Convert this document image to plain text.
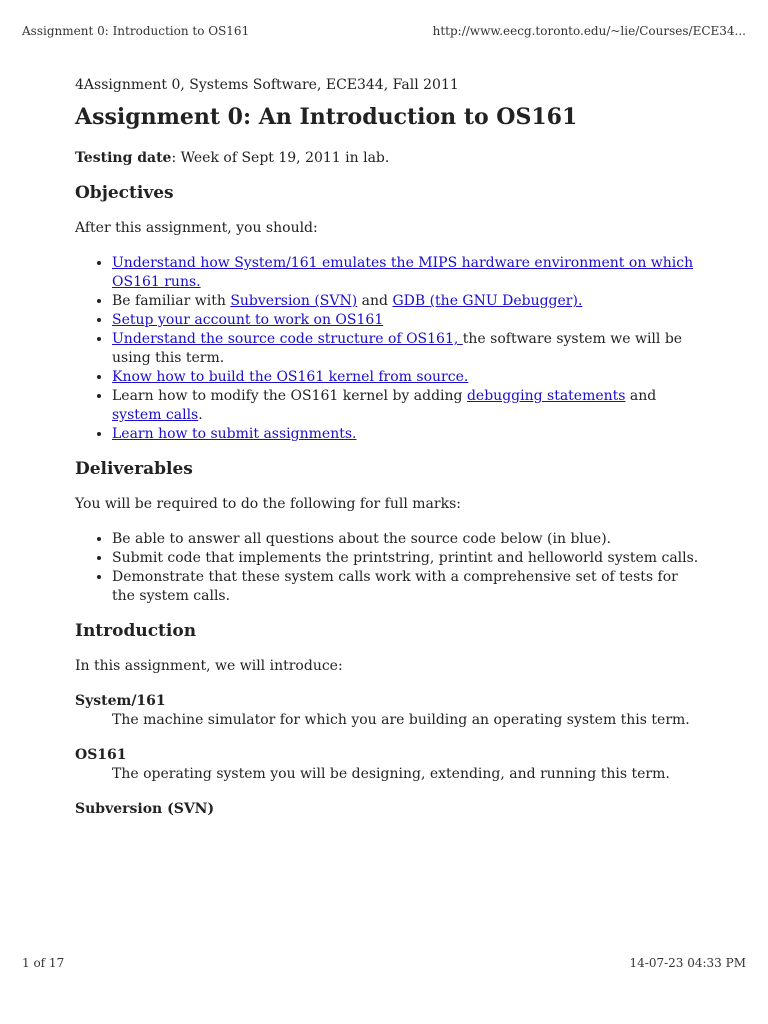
Assignment 0: Introduction to OS161	http://www.eecg.toronto.edu/~lie/Courses/ECE34...

4Assignment 0, Systems Software, ECE344, Fall 2011

Assignment 0: An Introduction to OS161

Testing date: Week of Sept 19, 2011 in lab.

Objectives

After this assignment, you should:

• Understand how System/161 emulates the MIPS hardware environment on which OS161 runs.
• Be familiar with Subversion (SVN) and GDB (the GNU Debugger).
• Setup your account to work on OS161
• Understand the source code structure of OS161, the software system we will be using this term.
• Know how to build the OS161 kernel from source.
• Learn how to modify the OS161 kernel by adding debugging statements and system calls.
• Learn how to submit assignments.
Deliverables

You will be required to do the following for full marks:

• Be able to answer all questions about the source code below (in blue).
• Submit code that implements the printstring, printint and helloworld system calls.
• Demonstrate that these system calls work with a comprehensive set of tests for the system calls.
Introduction

In this assignment, we will introduce:

System/161
The machine simulator for which you are building an operating system this term.
OS161
The operating system you will be designing, extending, and running this term.
Subversion (SVN)
1 of 17	14-07-23 04:33 PM
